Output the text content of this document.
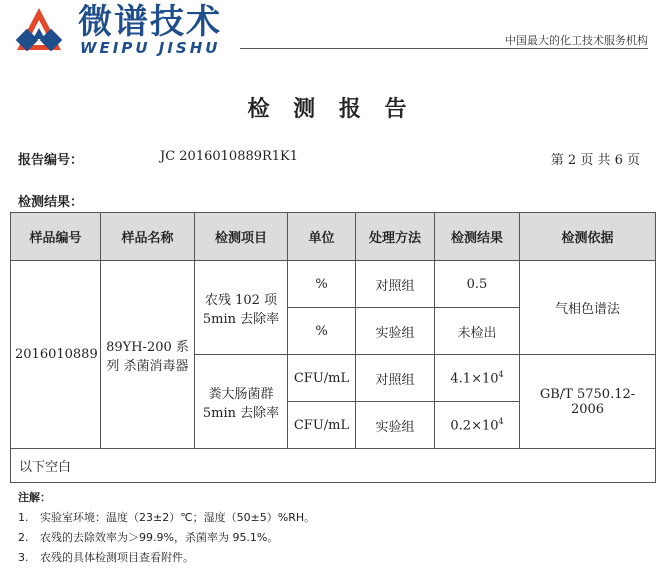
微谱技术
WEIPU JISHU	中国最大的化工技术服务机构
检 测 报 告
报告编号：	JC 2016010889R1K1	第 2 页 共 6 页
检测结果：
样品编号	样品名称	检测项目	单位	处理方法	检测结果	检测依据
2016010889	89YH-200 系列 杀菌消毒器	农残 102 项 5min 去除率	%	对照组	0.5	气相色谱法
			%	实验组	未检出	
		粪大肠菌群 5min 去除率	CFU/mL	对照组	$4.1\times 10^4$	GB/T 5750.12-2006
			CFU/mL	实验组	$0.2\times 10^4$
以下空白						
注解：
1. 实验室环境：温度（23±2）℃；湿度（50±5）%RH。
2. 农残的去除效率为＞99.9%，杀菌率为 95.1%。
3. 农残的具体检测项目查看附件。
